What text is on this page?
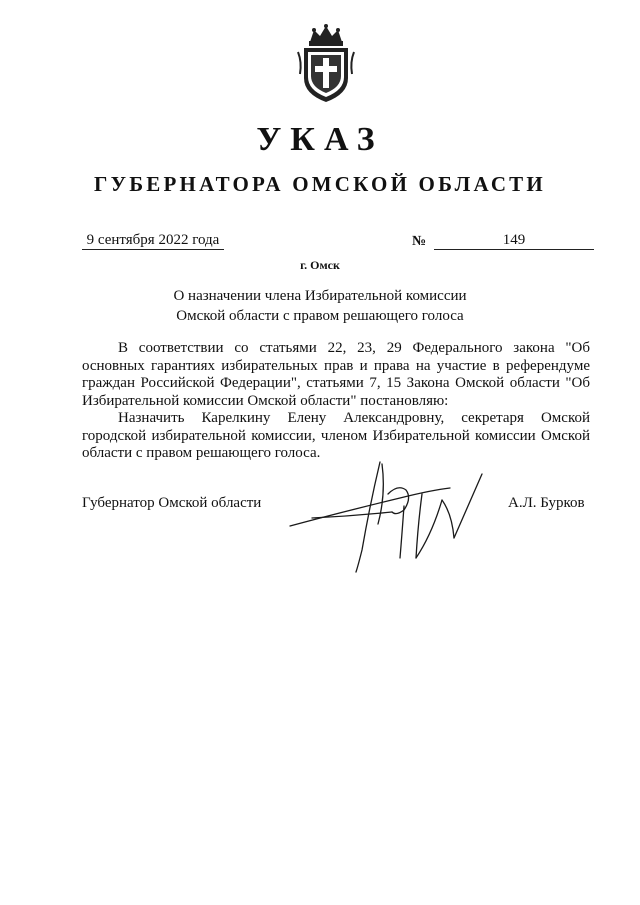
УКАЗ
ГУБЕРНАТОРА ОМСКОЙ ОБЛАСТИ
9 сентября 2022 года	№	149
г. Омск
О назначении члена Избирательной комиссии
Омской области с правом решающего голоса

В соответствии со статьями 22, 23, 29 Федерального закона "Об основных гарантиях избирательных прав и права на участие в референдуме граждан Российской Федерации", статьями 7, 15 Закона Омской области "Об Избирательной комиссии Омской области" постановляю:

Назначить Карелкину Елену Александровну, секретаря Омской городской избирательной комиссии, членом Избирательной комиссии Омской области с правом решающего голоса.

Губернатор Омской области	А.Л. Бурков
